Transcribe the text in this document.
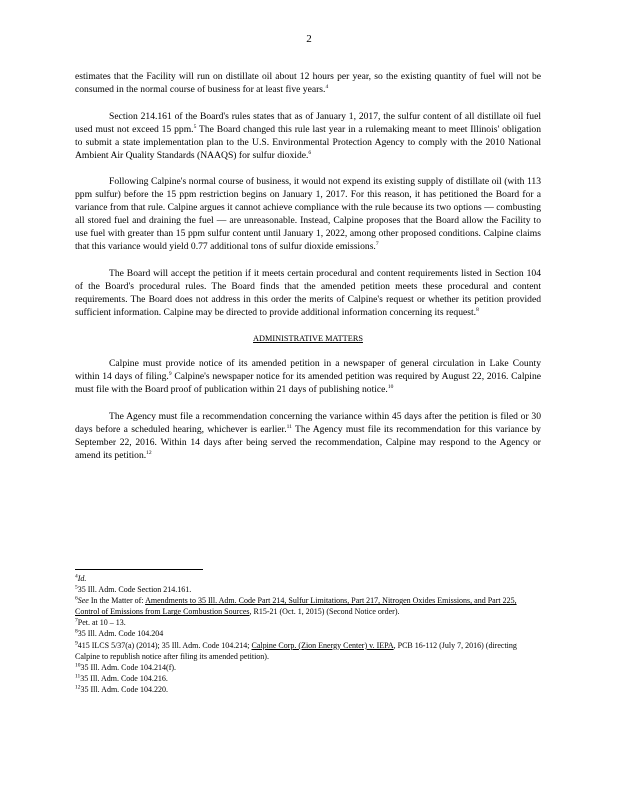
2

estimates that the Facility will run on distillate oil about 12 hours per year, so the existing quantity of fuel will not be consumed in the normal course of business for at least five years.$^4$

Section 214.161 of the Board's rules states that as of January 1, 2017, the sulfur content of all distillate oil fuel used must not exceed 15 ppm.$^5$ The Board changed this rule last year in a rulemaking meant to meet Illinois' obligation to submit a state implementation plan to the U.S. Environmental Protection Agency to comply with the 2010 National Ambient Air Quality Standards (NAAQS) for sulfur dioxide.$^6$

Following Calpine's normal course of business, it would not expend its existing supply of distillate oil (with 113 ppm sulfur) before the 15 ppm restriction begins on January 1, 2017. For this reason, it has petitioned the Board for a variance from that rule. Calpine argues it cannot achieve compliance with the rule because its two options — combusting all stored fuel and draining the fuel — are unreasonable. Instead, Calpine proposes that the Board allow the Facility to use fuel with greater than 15 ppm sulfur content until January 1, 2022, among other proposed conditions. Calpine claims that this variance would yield 0.77 additional tons of sulfur dioxide emissions.$^7$

The Board will accept the petition if it meets certain procedural and content requirements listed in Section 104 of the Board's procedural rules. The Board finds that the amended petition meets these procedural and content requirements. The Board does not address in this order the merits of Calpine's request or whether its petition provided sufficient information. Calpine may be directed to provide additional information concerning its request.$^8$

ADMINISTRATIVE MATTERS

Calpine must provide notice of its amended petition in a newspaper of general circulation in Lake County within 14 days of filing.$^9$ Calpine's newspaper notice for its amended petition was required by August 22, 2016. Calpine must file with the Board proof of publication within 21 days of publishing notice.$^{10}$

The Agency must file a recommendation concerning the variance within 45 days after the petition is filed or 30 days before a scheduled hearing, whichever is earlier.$^{11}$ The Agency must file its recommendation for this variance by September 22, 2016. Within 14 days after being served the recommendation, Calpine may respond to the Agency or amend its petition.$^{12}$

$^4$Id.

$^5$35 Ill. Adm. Code Section 214.161.

$^6$See In the Matter of: Amendments to 35 Ill. Adm. Code Part 214, Sulfur Limitations, Part 217, Nitrogen Oxides Emissions, and Part 225, Control of Emissions from Large Combustion Sources, R15-21 (Oct. 1, 2015) (Second Notice order).

$^7$Pet. at 10 – 13.

$^8$35 Ill. Adm. Code 104.204

$^9$415 ILCS 5/37(a) (2014); 35 Ill. Adm. Code 104.214; Calpine Corp. (Zion Energy Center) v. IEPA, PCB 16-112 (July 7, 2016) (directing Calpine to republish notice after filing its amended petition).

$^{10}$35 Ill. Adm. Code 104.214(f).

$^{11}$35 Ill. Adm. Code 104.216.

$^{12}$35 Ill. Adm. Code 104.220.
